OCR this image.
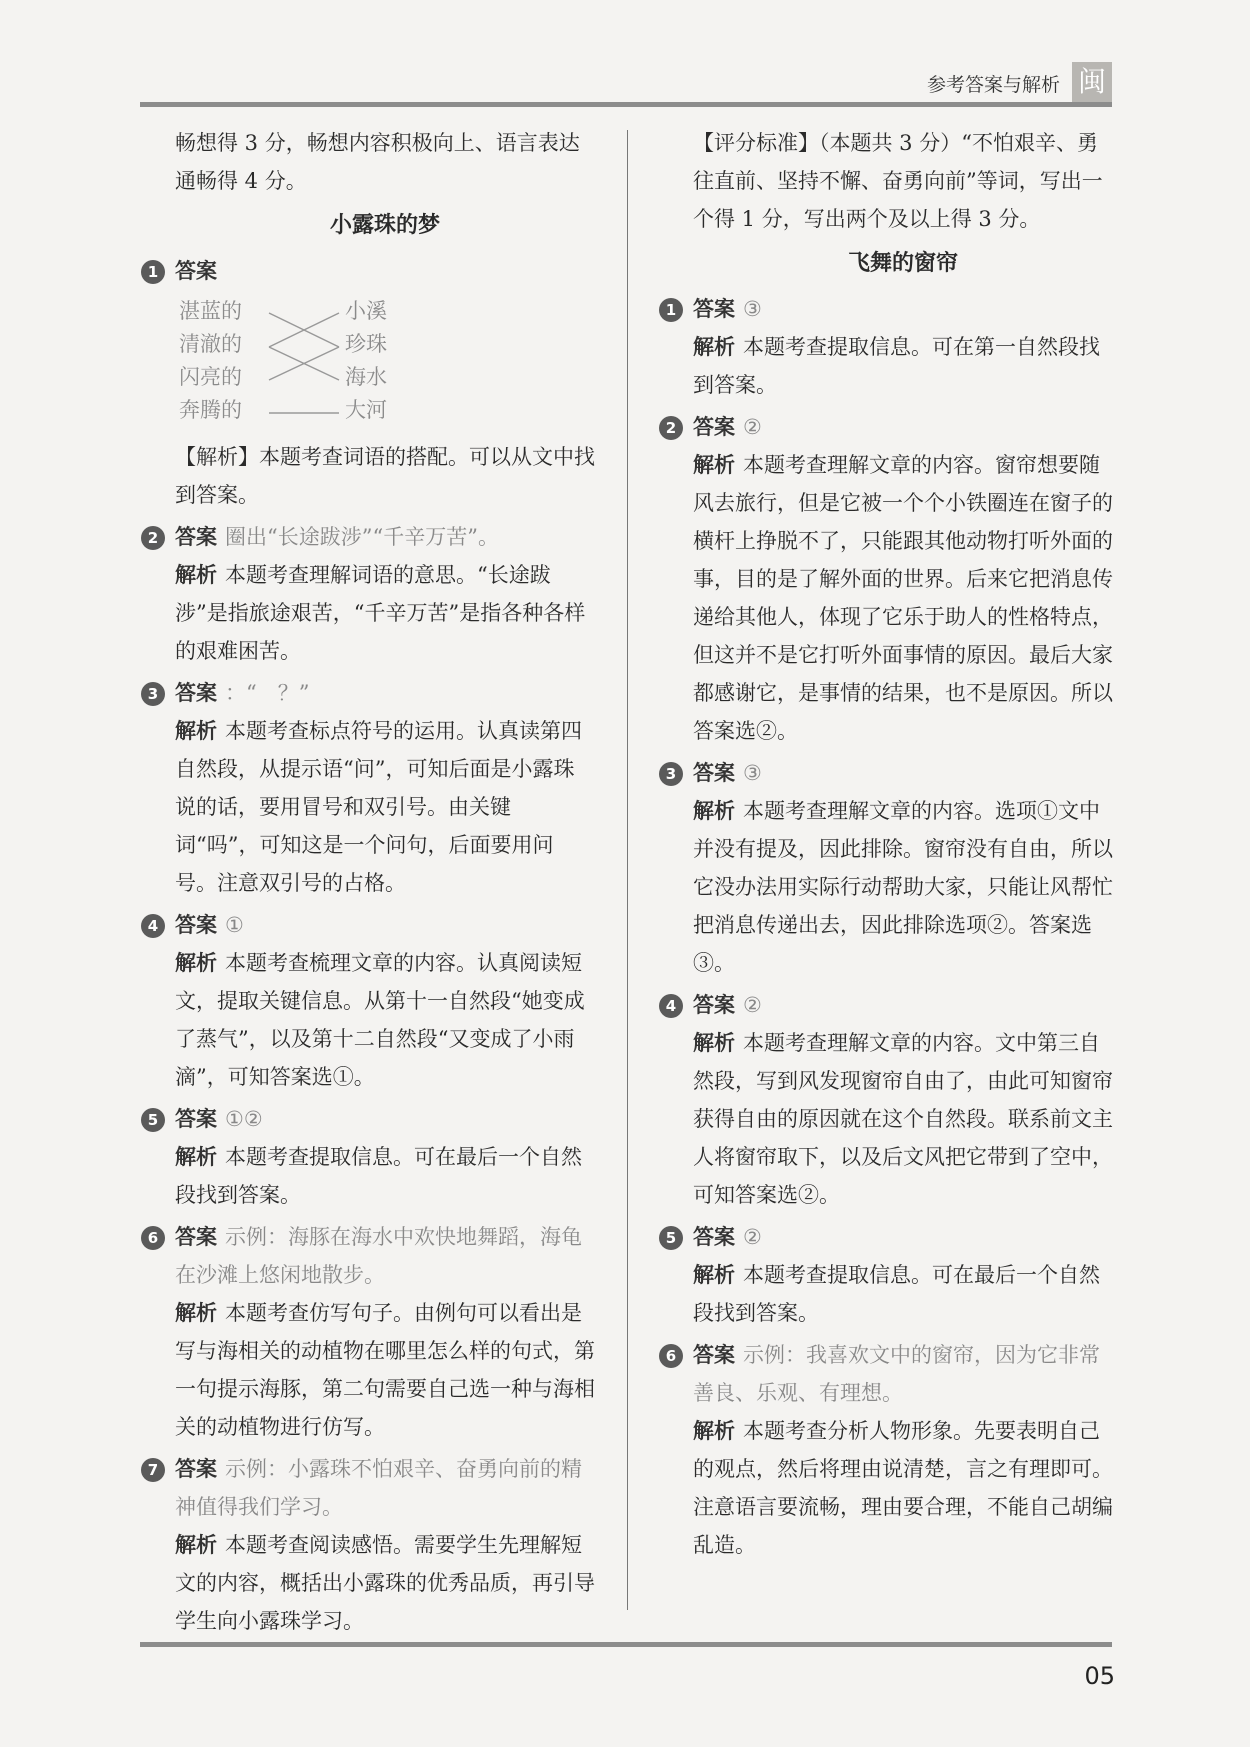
参考答案与解析 闽

畅想得 3 分，畅想内容积极向上、语言表达通畅得 4 分。

小露珠的梦
1 答案
湛蓝的
清澈的
闪亮的
奔腾的
小溪
珍珠
海水
大河

【解析】本题考查词语的搭配。可以从文中找到答案。

2 答案 圈出“长途跋涉”“千辛万苦”。

解析 本题考查理解词语的意思。“长途跋涉”是指旅途艰苦，“千辛万苦”是指各种各样的艰难困苦。

3 答案 ：“　？”

解析 本题考查标点符号的运用。认真读第四自然段，从提示语“问”，可知后面是小露珠说的话，要用冒号和双引号。由关键词“吗”，可知这是一个问句，后面要用问号。注意双引号的占格。

4 答案 ①

解析 本题考查梳理文章的内容。认真阅读短文，提取关键信息。从第十一自然段“她变成了蒸气”，以及第十二自然段“又变成了小雨滴”，可知答案选①。

5 答案 ①②

解析 本题考查提取信息。可在最后一个自然段找到答案。

6 答案 示例：海豚在海水中欢快地舞蹈，海龟在沙滩上悠闲地散步。

解析 本题考查仿写句子。由例句可以看出是写与海相关的动植物在哪里怎么样的句式，第一句提示海豚，第二句需要自己选一种与海相关的动植物进行仿写。

7 答案 示例：小露珠不怕艰辛、奋勇向前的精神值得我们学习。

解析 本题考查阅读感悟。需要学生先理解短文的内容，概括出小露珠的优秀品质，再引导学生向小露珠学习。

【评分标准】（本题共 3 分）“不怕艰辛、勇往直前、坚持不懈、奋勇向前”等词，写出一个得 1 分，写出两个及以上得 3 分。

飞舞的窗帘
1 答案 ③

解析 本题考查提取信息。可在第一自然段找到答案。

2 答案 ②

解析 本题考查理解文章的内容。窗帘想要随风去旅行，但是它被一个个小铁圈连在窗子的横杆上挣脱不了，只能跟其他动物打听外面的事，目的是了解外面的世界。后来它把消息传递给其他人，体现了它乐于助人的性格特点，但这并不是它打听外面事情的原因。最后大家都感谢它，是事情的结果，也不是原因。所以答案选②。

3 答案 ③

解析 本题考查理解文章的内容。选项①文中并没有提及，因此排除。窗帘没有自由，所以它没办法用实际行动帮助大家，只能让风帮忙把消息传递出去，因此排除选项②。答案选③。

4 答案 ②

解析 本题考查理解文章的内容。文中第三自然段，写到风发现窗帘自由了，由此可知窗帘获得自由的原因就在这个自然段。联系前文主人将窗帘取下，以及后文风把它带到了空中，可知答案选②。

5 答案 ②

解析 本题考查提取信息。可在最后一个自然段找到答案。

6 答案 示例：我喜欢文中的窗帘，因为它非常善良、乐观、有理想。

解析 本题考查分析人物形象。先要表明自己的观点，然后将理由说清楚，言之有理即可。注意语言要流畅，理由要合理，不能自己胡编乱造。

05
